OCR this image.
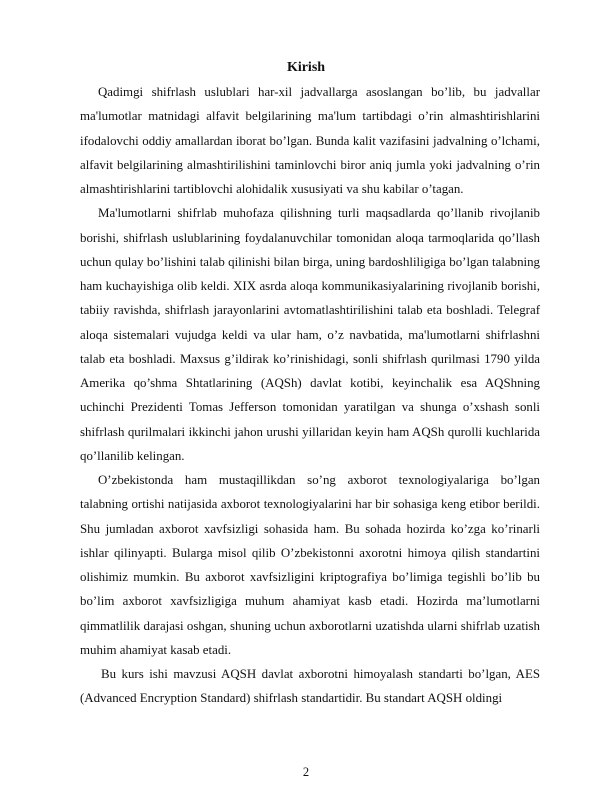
Kirish

Qadimgi shifrlash uslublari har-xil jadvallarga asoslangan bo’lib, bu jadvallar ma'lumotlar matnidagi alfavit belgilarining ma'lum tartibdagi o’rin almashtirishlarini ifodalovchi oddiy amallardan iborat bo’lgan. Bunda kalit vazifasini jadvalning o’lchami, alfavit belgilarining almashtirilishini taminlovchi biror aniq jumla yoki jadvalning o’rin almashtirishlarini tartiblovchi alohidalik xususiyati va shu kabilar o’tagan.

Ma'lumotlarni shifrlab muhofaza qilishning turli maqsadlarda qo’llanib rivojlanib borishi, shifrlash uslublarining foydalanuvchilar tomonidan aloqa tarmoqlarida qo’llash uchun qulay bo’lishini talab qilinishi bilan birga, uning bardoshliligiga bo’lgan talabning ham kuchayishiga olib keldi. XIX asrda aloqa kommunikasiyalarining rivojlanib borishi, tabiiy ravishda, shifrlash jarayonlarini avtomatlashtirilishini talab eta boshladi. Telegraf aloqa sistemalari vujudga keldi va ular ham, o’z navbatida, ma'lumotlarni shifrlashni talab eta boshladi. Maxsus g’ildirak ko’rinishidagi, sonli shifrlash qurilmasi 1790 yilda Amerika qo’shma Shtatlarining (AQSh) davlat kotibi, keyinchalik esa AQShning uchinchi Prezidenti Tomas Jefferson tomonidan yaratilgan va shunga o’xshash sonli shifrlash qurilmalari ikkinchi jahon urushi yillaridan keyin ham AQSh qurolli kuchlarida qo’llanilib kelingan.

O’zbekistonda ham mustaqillikdan so’ng axborot texnologiyalariga bo’lgan talabning ortishi natijasida axborot texnologiyalarini har bir sohasiga keng etibor berildi. Shu jumladan axborot xavfsizligi sohasida ham. Bu sohada hozirda ko’zga ko’rinarli ishlar qilinyapti. Bularga misol qilib O’zbekistonni axorotni himoya qilish standartini olishimiz mumkin. Bu axborot xavfsizligini kriptografiya bo’limiga tegishli bo’lib bu bo’lim axborot xavfsizligiga muhum ahamiyat kasb etadi. Hozirda ma’lumotlarni qimmatlilik darajasi oshgan, shuning uchun axborotlarni uzatishda ularni shifrlab uzatish muhim ahamiyat kasab etadi.

Bu kurs ishi mavzusi AQSH davlat axborotni himoyalash standarti bo’lgan, AES (Advanced Encryption Standard) shifrlash standartidir. Bu standart AQSH oldingi

2
